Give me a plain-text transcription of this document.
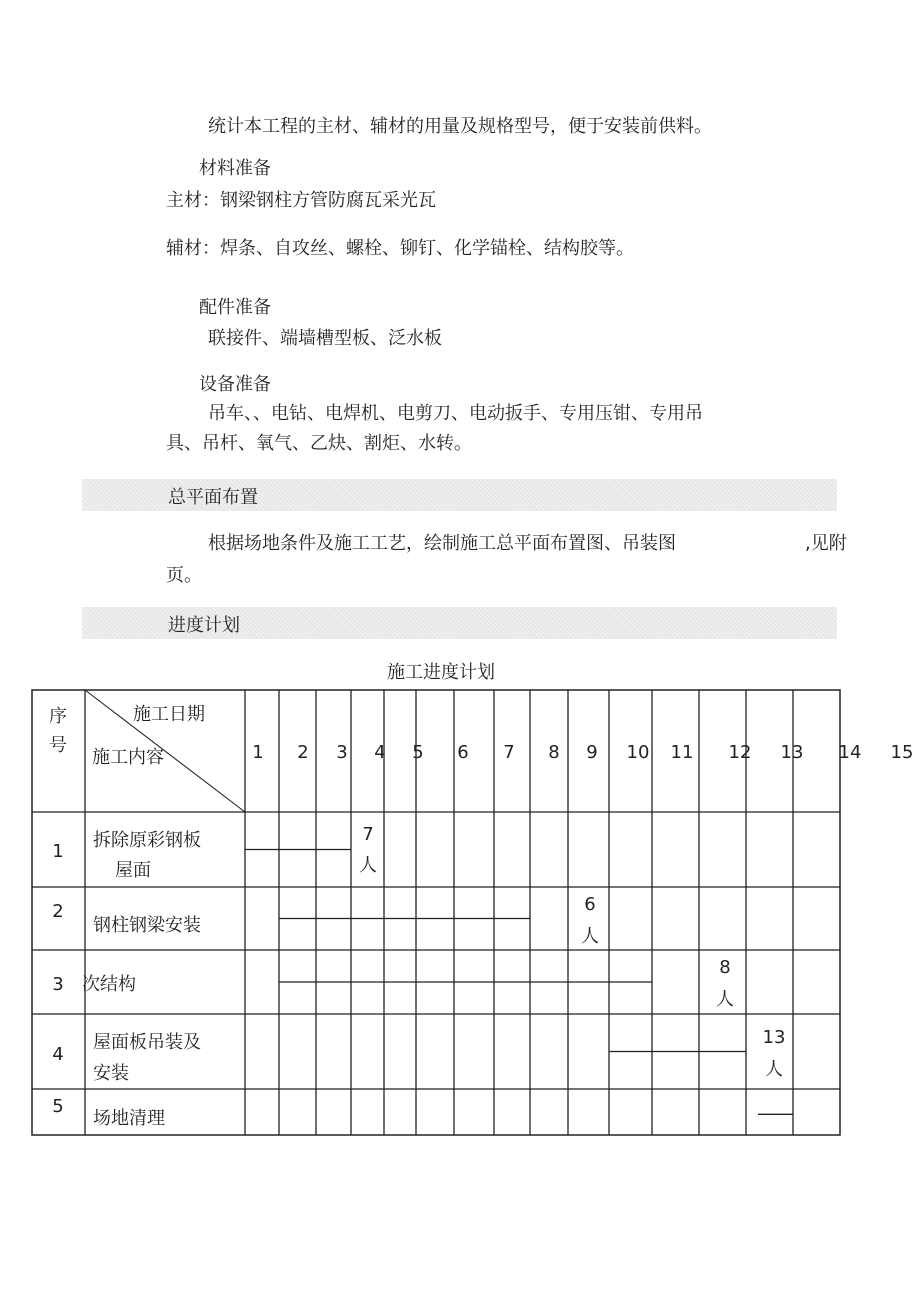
统计本工程的主材、辅材的用量及规格型号，便于安装前供料。
材料准备
主材：钢梁钢柱方管防腐瓦采光瓦
辅材：焊条、自攻丝、螺栓、铆钉、化学锚栓、结构胶等。
配件准备
联接件、端墙槽型板、泛水板
设备准备
吊车、、电钻、电焊机、电剪刀、电动扳手、专用压钳、专用吊
具、吊杆、氧气、乙炔、割炬、水转。
总平面布置
根据场地条件及施工工艺，绘制施工总平面布置图、吊装图	,见附
页。
进度计划
施工进度计划
序
号
施工日期
施工内容	1 2 3 4 5 6 7 8 9 10 11 12 13 14 15
1
拆除原彩钢板
屋面
7
人
2
钢柱钢梁安装
6
人
3 次结构
8
人
4
屋面板吊装及
安装
13
人
5
场地清理
